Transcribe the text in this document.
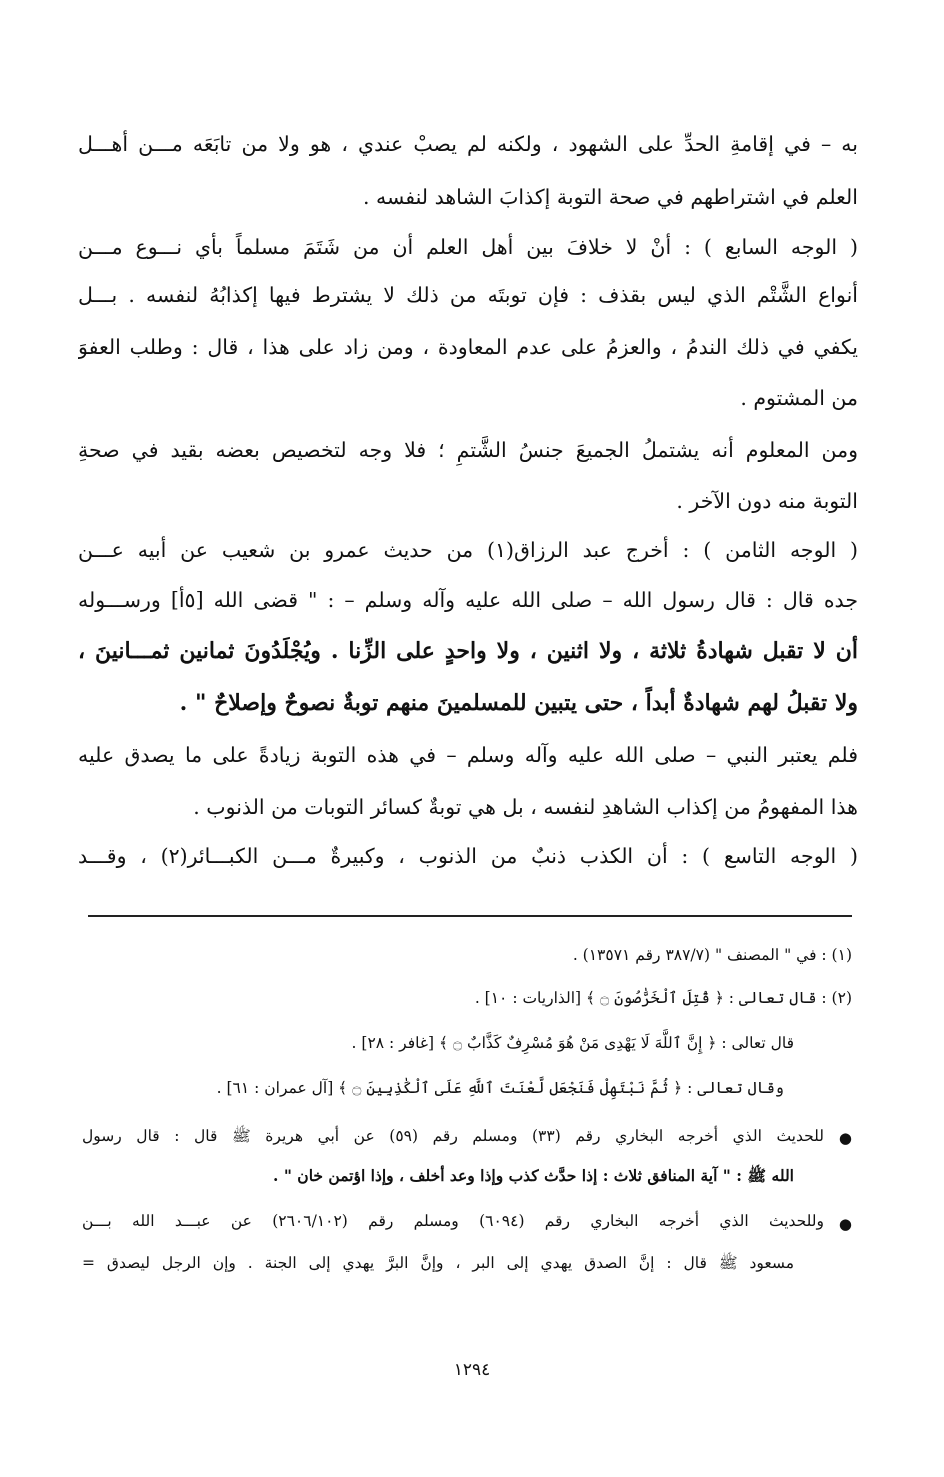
به – في إقامةِ الحدِّ على الشهود ، ولكنه لم يصبْ عندي ، هو ولا من تابَعَه مـــن أهـــل
العلم في اشتراطهم في صحة التوبة إكذابَ الشاهد لنفسه .
( الوجه السابع ) : أنْ لا خلافَ بين أهل العلم أن من شَتَمَ مسلماً بأي نـــوع مـــن
أنواع الشَّتْم الذي ليس بقذف : فإن توبتَه من ذلك لا يشترط فيها إكذابُهُ لنفسه . بـــل
يكفي في ذلك الندمُ ، والعزمُ على عدم المعاودة ، ومن زاد على هذا ، قال : وطلب العفوَ
من المشتوم .
ومن المعلوم أنه يشتملُ الجميعَ جنسُ الشَّتمِ ؛ فلا وجه لتخصيص بعضه بقيد في صحةِ
التوبة منه دون الآخر .
( الوجه الثامن ) : أخرج عبد الرزاق(١) من حديث عمرو بن شعيب عن أبيه عـــن
جده قال : قال رسول الله – صلى الله عليه وآله وسلم – : " قضى الله [٥أ] ورســـوله
أن لا تقبل شهادةُ ثلاثة ، ولا اثنين ، ولا واحدٍ على الزِّنا . ويُجْلَدُونَ ثمانين ثمـــانينَ ،
ولا تقبلُ لهم شهادةٌ أبداً ، حتى يتبين للمسلمينَ منهم توبةٌ نصوحٌ وإصلاحٌ " .
فلم يعتبر النبي – صلى الله عليه وآله وسلم – في هذه التوبة زيادةً على ما يصدق عليه
هذا المفهومُ من إكذاب الشاهدِ لنفسه ، بل هي توبةٌ كسائر التوبات من الذنوب .
( الوجه التاسع ) : أن الكذب ذنبٌ من الذنوب ، وكبيرةٌ مـــن الكبـــائر(٢) ، وقـــد
(١) : في " المصنف " (٣٨٧/٧ رقم ١٣٥٧١) .
(٢) : قال تعالى : ﴿ قُتِلَ ٱلْخَرَّٰصُونَ ۝ ﴾ [الذاريات : ١٠] .
قال تعالى : ﴿ إِنَّ ٱللَّهَ لَا يَهْدِى مَنْ هُوَ مُسْرِفٌ كَذَّابٌ ۝ ﴾ [غافر : ٢٨] .
وقال تعالى : ﴿ ثُمَّ نَبْتَهِلْ فَنَجْعَل لَّعْنَتَ ٱللَّهِ عَلَى ٱلْكَٰذِبِينَ ۝ ﴾ [آل عمران : ٦١] .
●
للحديث الذي أخرجه البخاري رقم (٣٣) ومسلم رقم (٥٩) عن أبي هريرة ﷺ قال : قال رسول
الله ﷺ : " آية المنافق ثلاث : إذا حدَّث كذب وإذا وعد أخلف ، وإذا اؤتمن خان " .
●
وللحديث الذي أخرجه البخاري رقم (٦٠٩٤) ومسلم رقم (٢٦٠٦/١٠٢) عن عبـــد الله بـــن
مسعود ﷺ قال : إنَّ الصدق يهدي إلى البر ، وإنَّ البرَّ يهدي إلى الجنة . وإن الرجل ليصدق =
١٢٩٤
